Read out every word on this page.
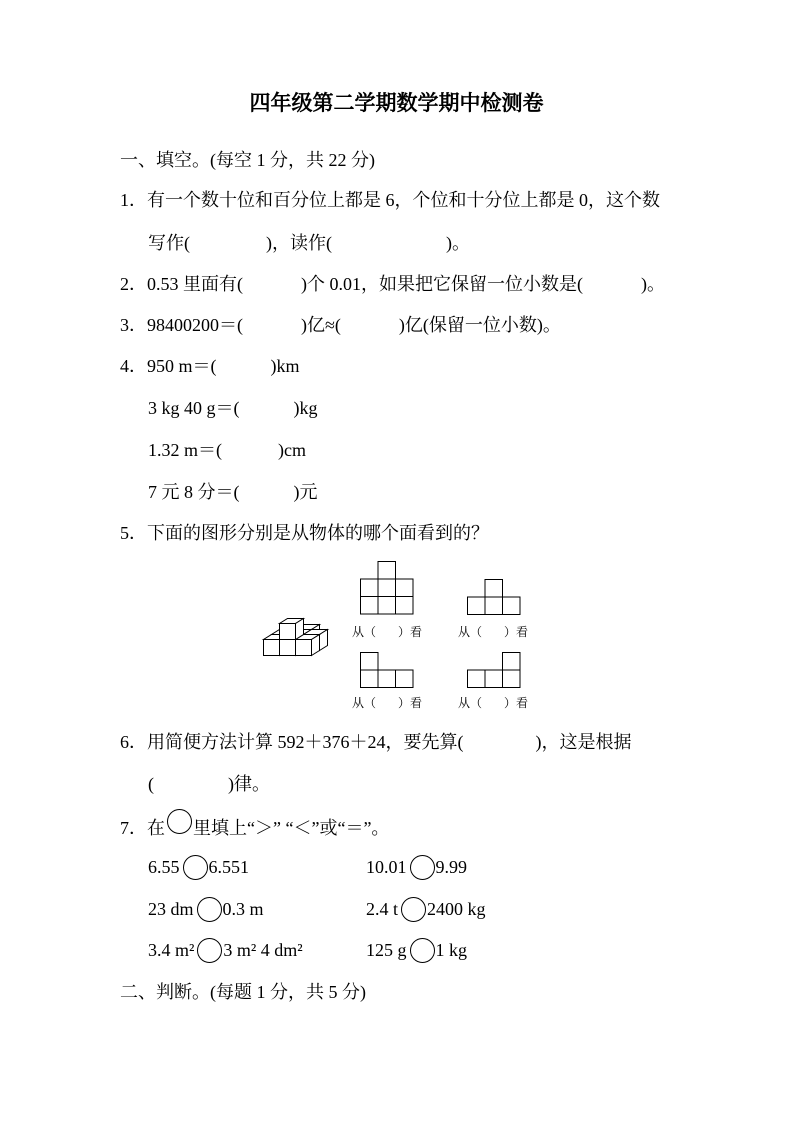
四年级第二学期数学期中检测卷
一、填空。(每空 1 分，共 22 分)
1．有一个数十位和百分位上都是 6，个位和十分位上都是 0，这个数
写作(	)，读作(	)。
2．0.53 里面有(	)个 0.01，如果把它保留一位小数是(	)。
3．98400200＝(	)亿≈(	)亿(保留一位小数)。
4．950 m＝(	)km
3 kg 40 g＝(	)kg
1.32 m＝(	)cm
7 元 8 分＝(	)元
5．下面的图形分别是从物体的哪个面看到的？
从（ ）看	从（ ）看
从（ ）看	从（ ）看
6．用简便方法计算 592＋376＋24，要先算(	)，这是根据
(	)律。
7．在 里填上“＞” “＜”或“＝”。
6.55 6.551	10.01 9.99
23 dm 0.3 m	2.4 t 2400 kg
3.4 m² 3 m² 4 dm²	125 g 1 kg
二、判断。(每题 1 分，共 5 分)
